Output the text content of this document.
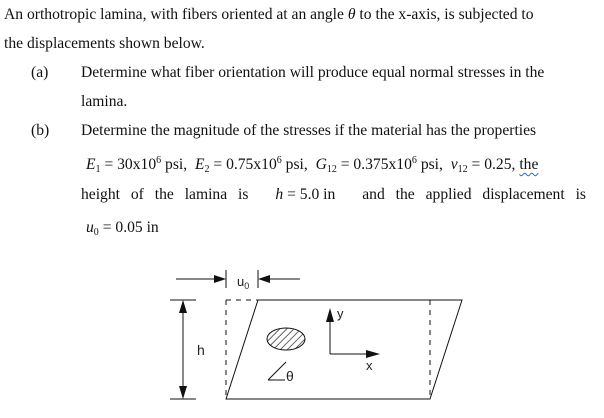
An orthotropic lamina, with fibers oriented at an angle θ to the x-axis, is subjected to
the displacements shown below.
(a) Determine what fiber orientation will produce equal normal stresses in the
lamina.
(b) Determine the magnitude of the stresses if the material has the properties
$E_1 = 30x10^6$ psi, $E_2 = 0.75x10^6$ psi, $G_{12} = 0.375x10^6$ psi, $\nu_{12} = 0.25$, the
height of the lamina is h = 5.0 in and the applied displacement is
$u_0 = 0.05$ in
$u_0$
h
θ
y
x
